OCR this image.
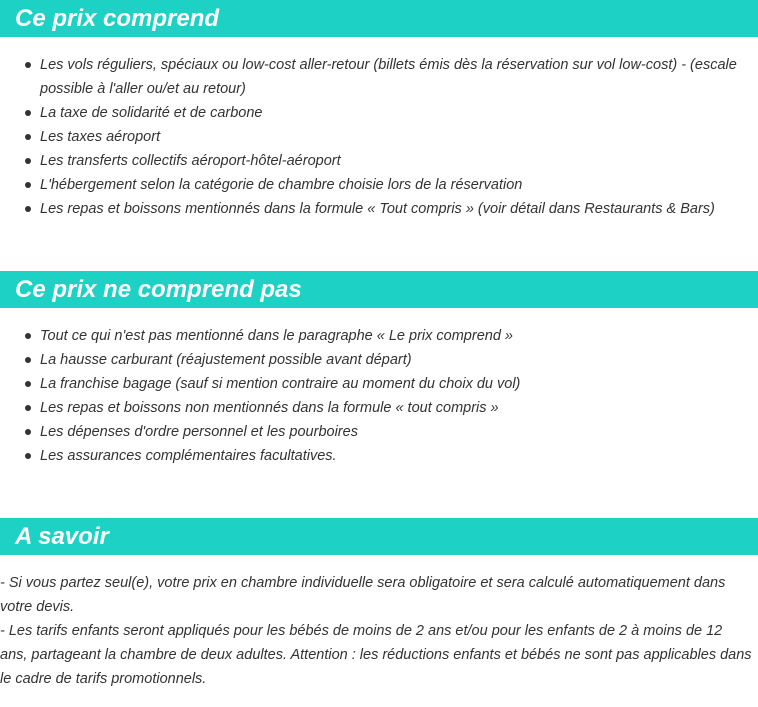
Ce prix comprend
Les vols réguliers, spéciaux ou low-cost aller-retour (billets émis dès la réservation sur vol low-cost) - (escale possible à l'aller ou/et au retour)
La taxe de solidarité et de carbone
Les taxes aéroport
Les transferts collectifs aéroport-hôtel-aéroport
L'hébergement selon la catégorie de chambre choisie lors de la réservation
Les repas et boissons mentionnés dans la formule « Tout compris » (voir détail dans Restaurants & Bars)
Ce prix ne comprend pas
Tout ce qui n'est pas mentionné dans le paragraphe « Le prix comprend »
La hausse carburant (réajustement possible avant départ)
La franchise bagage (sauf si mention contraire au moment du choix du vol)
Les repas et boissons non mentionnés dans la formule « tout compris »
Les dépenses d'ordre personnel et les pourboires
Les assurances complémentaires facultatives.
A savoir
- Si vous partez seul(e), votre prix en chambre individuelle sera obligatoire et sera calculé automatiquement dans votre devis.
- Les tarifs enfants seront appliqués pour les bébés de moins de 2 ans et/ou pour les enfants de 2 à moins de 12 ans, partageant la chambre de deux adultes. Attention : les réductions enfants et bébés ne sont pas applicables dans le cadre de tarifs promotionnels.
